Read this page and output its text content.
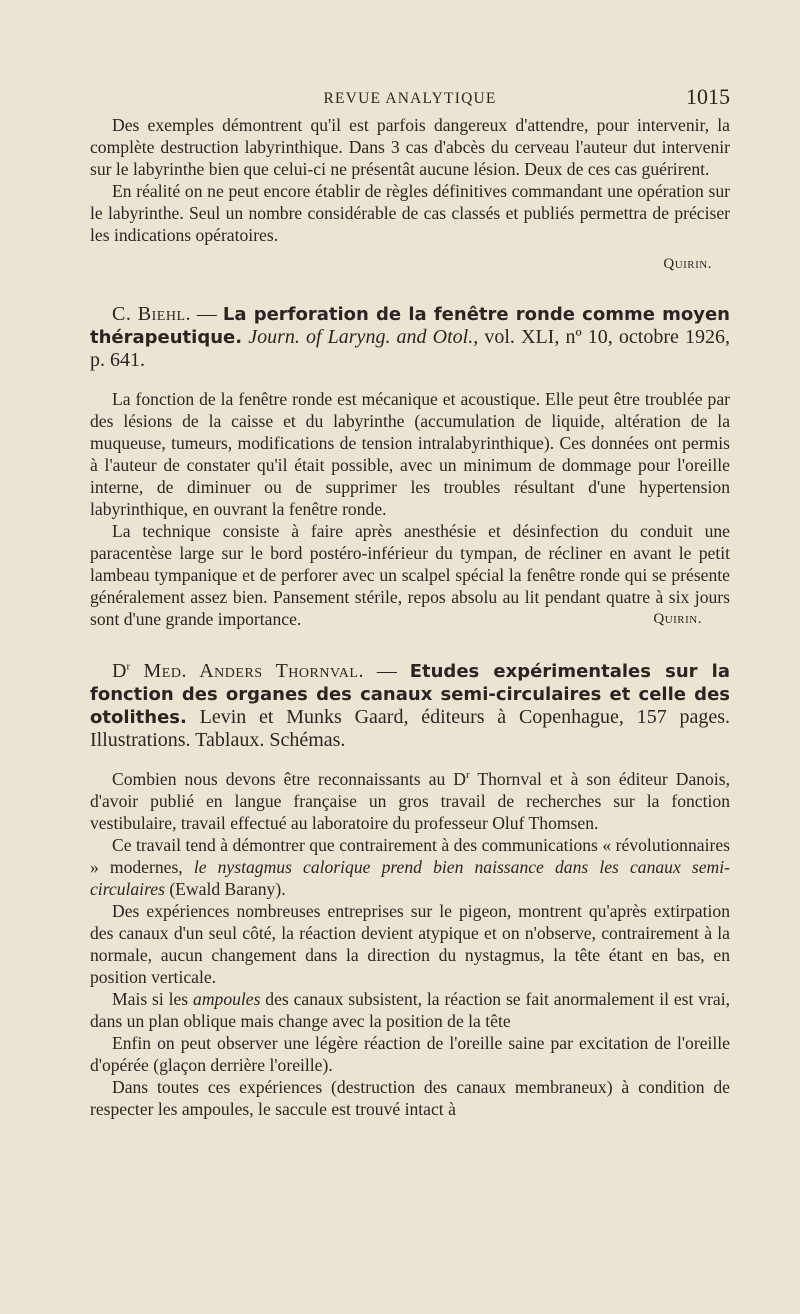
REVUE ANALYTIQUE	1015

Des exemples démontrent qu'il est parfois dangereux d'attendre, pour intervenir, la complète destruction labyrinthique. Dans 3 cas d'abcès du cerveau l'auteur dut intervenir sur le labyrinthe bien que celui-ci ne présentât aucune lésion. Deux de ces cas guérirent.

En réalité on ne peut encore établir de règles définitives commandant une opération sur le labyrinthe. Seul un nombre considérable de cas classés et publiés permettra de préciser les indications opératoires.

Quirin.
C. Biehl. — La perforation de la fenêtre ronde comme moyen thérapeutique. Journ. of Laryng. and Otol., vol. XLI, nº 10, octobre 1926, p. 641.

La fonction de la fenêtre ronde est mécanique et acoustique. Elle peut être troublée par des lésions de la caisse et du labyrinthe (accumulation de liquide, altération de la muqueuse, tumeurs, modifications de tension intralabyrinthique). Ces données ont permis à l'auteur de constater qu'il était possible, avec un minimum de dommage pour l'oreille interne, de diminuer ou de supprimer les troubles résultant d'une hypertension labyrinthique, en ouvrant la fenêtre ronde.

La technique consiste à faire après anesthésie et désinfection du conduit une paracentèse large sur le bord postéro-inférieur du tympan, de récliner en avant le petit lambeau tympanique et de perforer avec un scalpel spécial la fenêtre ronde qui se présente généralement assez bien. Pansement stérile, repos absolu au lit pendant quatre à six jours sont d'une grande importance.	Quirin.

$D^r$ Med. Anders Thornval. — Etudes expérimentales sur la fonction des organes des canaux semi-circulaires et celle des otolithes. Levin et Munks Gaard, éditeurs à Copenhague, 157 pages. Illustrations. Tablaux. Schémas.

Combien nous devons être reconnaissants au $D^r$ Thornval et à son éditeur Danois, d'avoir publié en langue française un gros travail de recherches sur la fonction vestibulaire, travail effectué au laboratoire du professeur Oluf Thomsen.

Ce travail tend à démontrer que contrairement à des communications « révolutionnaires » modernes, le nystagmus calorique prend bien naissance dans les canaux semi-circulaires (Ewald Barany).

Des expériences nombreuses entreprises sur le pigeon, montrent qu'après extirpation des canaux d'un seul côté, la réaction devient atypique et on n'observe, contrairement à la normale, aucun changement dans la direction du nystagmus, la tête étant en bas, en position verticale.

Mais si les ampoules des canaux subsistent, la réaction se fait anormalement il est vrai, dans un plan oblique mais change avec la position de la tête

Enfin on peut observer une légère réaction de l'oreille saine par excitation de l'oreille d'opérée (glaçon derrière l'oreille).

Dans toutes ces expériences (destruction des canaux membraneux) à condition de respecter les ampoules, le saccule est trouvé intact à
